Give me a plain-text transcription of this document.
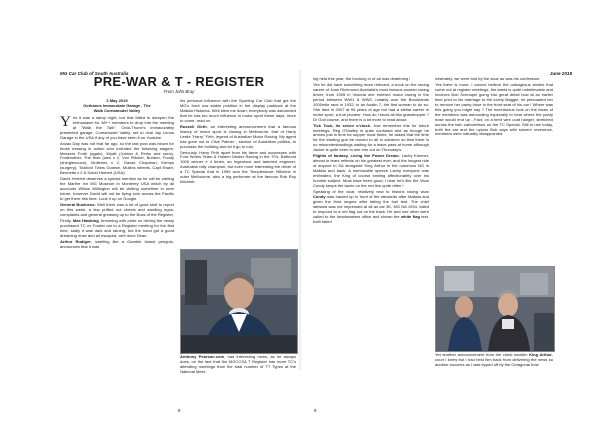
MG Car Club of South Australia
PRE-WAR & T - REGISTER
From John Bray

2 May 2019

Octhanes Immaculate Garage , The

Walk Cornamodel Valley

Yes it was a damp night, but that failed to dampen the enthusiasm for 38++ members to drop into the meeting at "Walk the Talk", Octa-Thune's immaculately presented garage, Cornamodel Valley, set to rival Jay Lenos Garage in the USA if any of you have seen it on Youtube.

Anzac Day was not that far ago, so the last post was blown for those missing in action who included the following stagers: Messers Forth (again), Wyatt (Jordan & Perks and sons), Fordbrother, The feds (wes x 2, Von Ritcher, Burden, Foody (shinglesouch), Mullerins x 2, Gavas Chapman, Kemps (surgery), Tickford Twins Godwin, Mullins wheels, Capt Ewart, Bennetts x 2 & David Herbert (USA).

David Herbert deserves a special mention as he will be visiting the Marthe Inn MG Museum in Monterey USA which by all accounts Willow Willington will be visiting sometime in near future, however David will not be flying solo across the Pacific to get there this time. Look it up on Google.

General Business: Well there was a lot of good stuff to report on this week, a few puffed out chests and swelling egos, complaints and general greasing up to the Boss of the Register.

Firstly, Max Hawking, brimming with pride on driving the newly purchased TC ex Fowler car to a Register meeting for the first time, sadly it was dark and raining, but the hood got a good dreaming rinse and all escaped, well done Dean.

Arthur Rudiger, swelling like a Gamble Island penguin, announces that it was

his personal influence with the Sporting Car Club that got the MG's front row stable position in the display paddock at the Mallala Historics. Well blew me down, everybody was astounded that he has too much influence in motor sport these days, more to come, read on.

Russell Girth, an interesting announcement that a famous history of motor sport is closing in Melbourne, that of Harry Leslie "Harry" Firth, legend of Australian Motor Racing. My agent has gone out to Clive Palmer , saviour of Australian politics, to purchase the building and let it go to ruin.

Seriously, Harry Firth apart from his fame and successes with Ford Works Team & Holden Dealer Racing in the 70's, Bathurst 1000 winner x 4 times, an ingenious and talented engineer, Australian rally champion, but even more interesting the driver of a TC Special that in 1959 won the Templestowe Hillclimb in outer Melbourne, also a big performer at the famous Rob Roy hillclimb.

Anthony Pearson.com, had interesting news, as he always does, on the fact that the MGCCSA T Register has more TC's attending meetings than the total number of TT Types at the National Meet-

8
June 2019

ing held this year, the trucking in of air was deafening !

Yes he did have something more relevant, a book on the racing career of Joan Richmond Australia's most famous woman racing driver, from 1905 in Victoria she entered motor racing in the period between WW1 & WW2, notably won the Brooklands 1000mile race in 1932, in an Austin 7, the first woman to do so. She died in 2007 at 94 years of age but had a stellar career in motor sport, a true pioneer. How do I know all this grasshopper ? Dr Goil course, and there is a lot more to read about.

Tick Tock, its seven o'clock. Just remember this for future meetings, Reg O'Malley is quite confused and as though he arrives just in time for supper most times, he asked that the time for the starting gun be moved to all in advance so that there is no misunderstandings waiting for a leave pass at home although Jackie is quite keen to see him out on Thursday's.

Flights of fantasy, Living the Power Dream. Lachy Kimmer, almost in tears reflects on his greatest ever, and the longest ride of anyone in SA alongside King Arthur in the notorious NO in Mallala and back. A memorable speech Lachy everyone was enthralled, the King of course smiling affectionately over his humble subject. Must have been good, I hear he's like the Vicar Cundy keeps the tacho on the red line quite often !

Speaking of the vicar, relatively new to historic racing vicar Cundy was hauled up in front of the stewards after Mallala and given the third degree after failing the fuel test. The chief steward was not impressed at all as car 3K, MG NA 1934, failed to respond to a red flag out on the track. He and one other were called to the headmasters office and shown the white flag test, both failed

miserably, we were told by the vicar as was his confession.

Yes there is more, I cannot believe the outrageous stories that come out at register meetings, the latest is quite unbelievable and involves Bob Schnapel going into great detail how at an earlier time prior to his marriage to the lovely Maggie, he persuaded her to remove her panty hose in the front seat of his car ! Where was this going you might say ? The incredulous look on the faces of the members was astounding especially to hear where the panty hose would end up - Fact, on a bent wire coat hanger, stretched across the twin carburettors on the TC Special. Still in use today, both the car and the nylons Bob says with sincere reverence, members were naturally disappointed.

Yet another announcement from the chest swollen King Arthur, court I knew but I had held him back from delivering the news so another success as I was tipped off by the Octagonal host

9
